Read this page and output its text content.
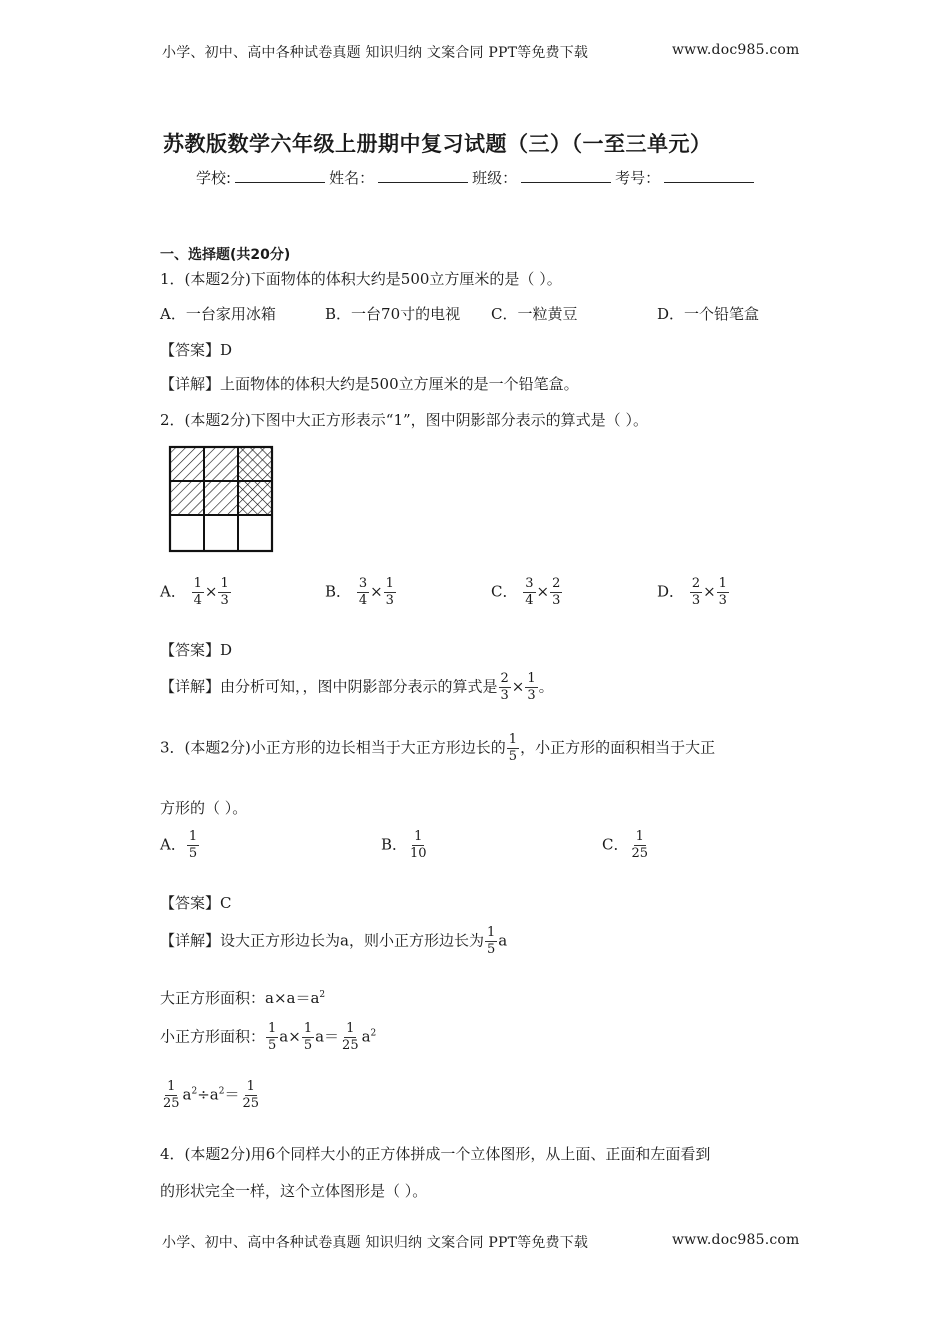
小学、初中、高中各种试卷真题 知识归纳 文案合同 PPT等免费下载	www.doc985.com
苏教版数学六年级上册期中复习试题（三）（一至三单元）
学校:	姓名：	班级：	考号：
一、选择题(共20分)
1．(本题2分)下面物体的体积大约是500立方厘米的是（ ）。
A．一台家用冰箱	B．一台70寸的电视 C．一粒黄豆	D．一个铅笔盒
【答案】D
【详解】上面物体的体积大约是500立方厘米的是一个铅笔盒。
2．(本题2分)下图中大正方形表示“1”，图中阴影部分表示的算式是（ ）。
A． $\frac{1}{4} \times \frac{1}{3}$	B． $\frac{3}{4} \times \frac{1}{3}$	C． $\frac{3}{4} \times \frac{2}{3}$	D． $\frac{2}{3} \times \frac{1}{3}$
【答案】D
【详解】由分析可知，，图中阴影部分表示的算式是 $\frac{2}{3} \times \frac{1}{3}$ 。
3．(本题2分)小正方形的边长相当于大正方形边长的 $\frac{1}{5}$ ，小正方形的面积相当于大正
方形的（ ）。
A． $\frac{1}{5}$	B． $\frac{1}{10}$	C． $\frac{1}{25}$
【答案】C
【详解】设大正方形边长为a，则小正方形边长为 $\frac{1}{5}$ a
大正方形面积：$a\times a=a^2$
小正方形面积： $\frac{1}{5} a\times \frac{1}{5} a= \frac{1}{25} a^2$
$\frac{1}{25} a^2\div a^2= \frac{1}{25}$
4．(本题2分)用6个同样大小的正方体拼成一个立体图形，从上面、正面和左面看到
的形状完全一样，这个立体图形是（ ）。
小学、初中、高中各种试卷真题 知识归纳 文案合同 PPT等免费下载	www.doc985.com
